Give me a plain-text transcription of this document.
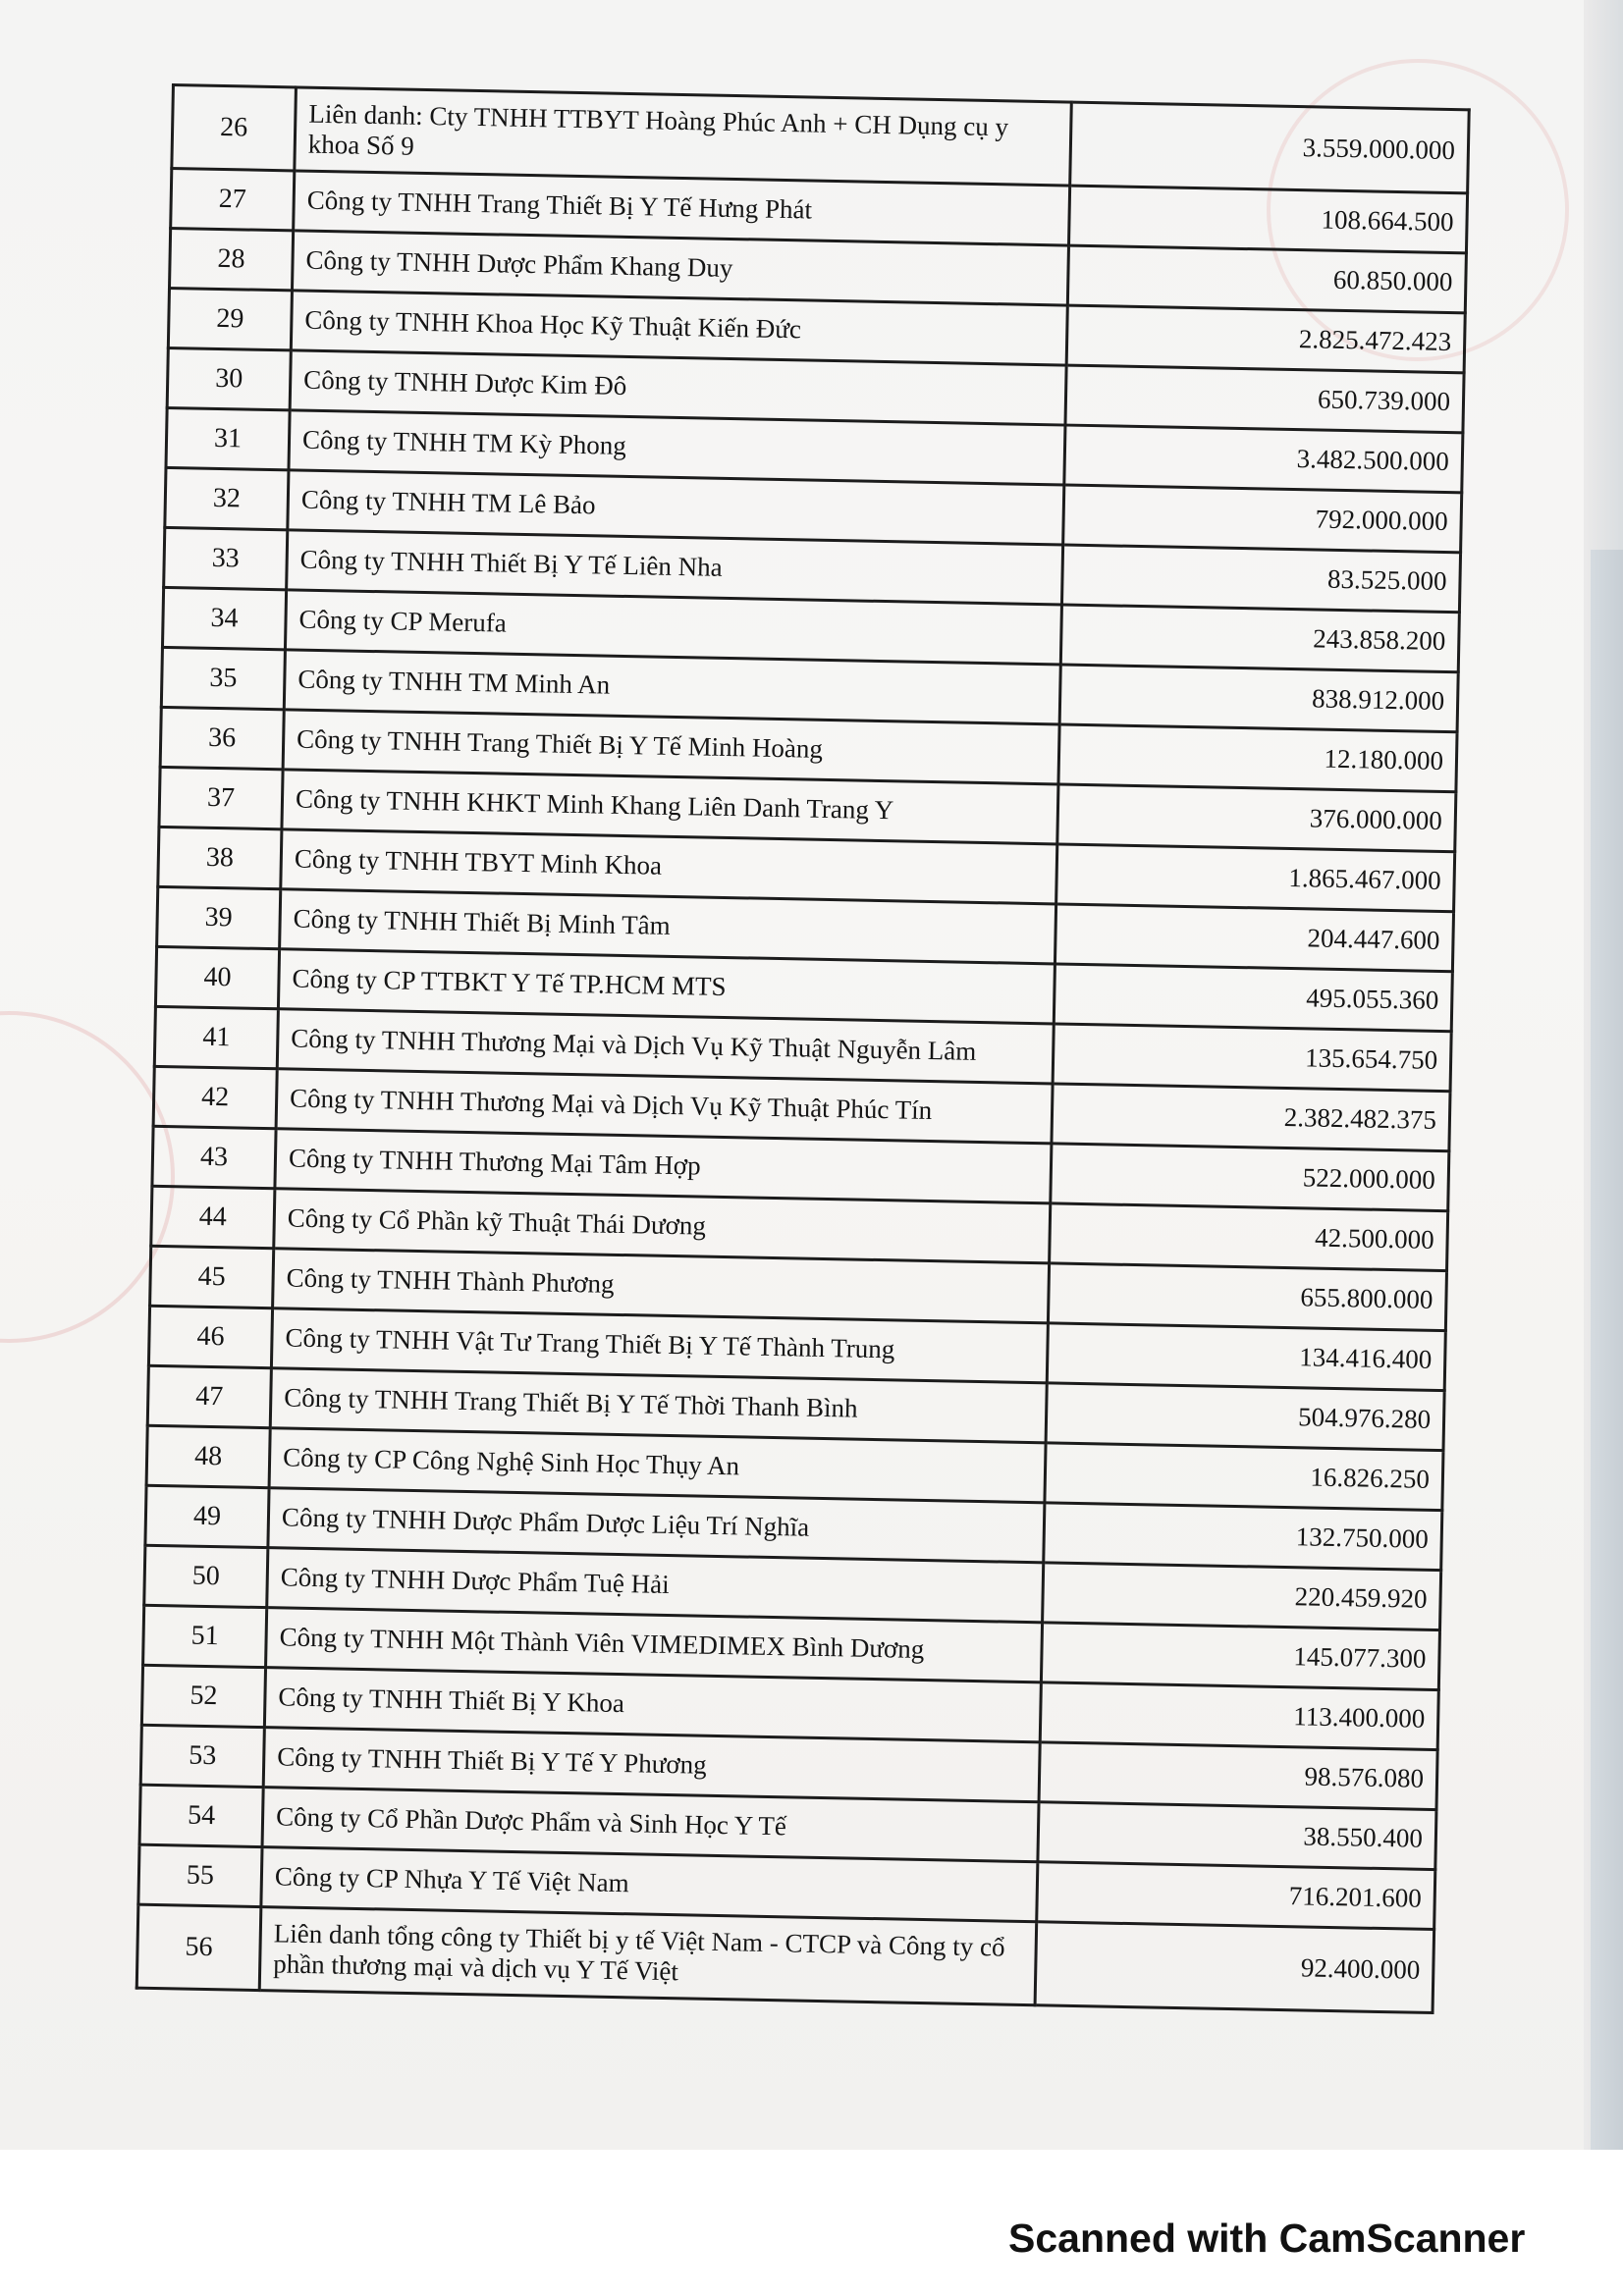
26	Liên danh: Cty TNHH TTBYT Hoàng Phúc Anh + CH Dụng cụ y khoa Số 9	3.559.000.000
27	Công ty TNHH Trang Thiết Bị Y Tế Hưng Phát	108.664.500
28	Công ty TNHH Dược Phẩm Khang Duy	60.850.000
29	Công ty TNHH Khoa Học Kỹ Thuật Kiến Đức	2.825.472.423
30	Công ty TNHH Dược Kim Đô	650.739.000
31	Công ty TNHH TM Kỳ Phong	3.482.500.000
32	Công ty TNHH TM Lê Bảo	792.000.000
33	Công ty TNHH Thiết Bị Y Tế Liên Nha	83.525.000
34	Công ty CP Merufa	243.858.200
35	Công ty TNHH TM Minh An	838.912.000
36	Công ty TNHH Trang Thiết Bị Y Tế Minh Hoàng	12.180.000
37	Công ty TNHH KHKT Minh Khang Liên Danh Trang Y	376.000.000
38	Công ty TNHH TBYT Minh Khoa	1.865.467.000
39	Công ty TNHH Thiết Bị Minh Tâm	204.447.600
40	Công ty CP TTBKT Y Tế TP.HCM MTS	495.055.360
41	Công ty TNHH Thương Mại và Dịch Vụ Kỹ Thuật Nguyễn Lâm	135.654.750
42	Công ty TNHH Thương Mại và Dịch Vụ Kỹ Thuật Phúc Tín	2.382.482.375
43	Công ty TNHH Thương Mại Tâm Hợp	522.000.000
44	Công ty Cổ Phần kỹ Thuật Thái Dương	42.500.000
45	Công ty TNHH Thành Phương	655.800.000
46	Công ty TNHH Vật Tư Trang Thiết Bị Y Tế Thành Trung	134.416.400
47	Công ty TNHH Trang Thiết Bị Y Tế Thời Thanh Bình	504.976.280
48	Công ty CP Công Nghệ Sinh Học Thụy An	16.826.250
49	Công ty TNHH Dược Phẩm Dược Liệu Trí Nghĩa	132.750.000
50	Công ty TNHH Dược Phẩm Tuệ Hải	220.459.920
51	Công ty TNHH Một Thành Viên VIMEDIMEX Bình Dương	145.077.300
52	Công ty TNHH Thiết Bị Y Khoa	113.400.000
53	Công ty TNHH Thiết Bị Y Tế Y Phương	98.576.080
54	Công ty Cổ Phần Dược Phẩm và Sinh Học Y Tế	38.550.400
55	Công ty CP Nhựa Y Tế Việt Nam	716.201.600
56	Liên danh tổng công ty Thiết bị y tế Việt Nam - CTCP và Công ty cổ phần thương mại và dịch vụ Y Tế Việt	92.400.000
Scanned with CamScanner
